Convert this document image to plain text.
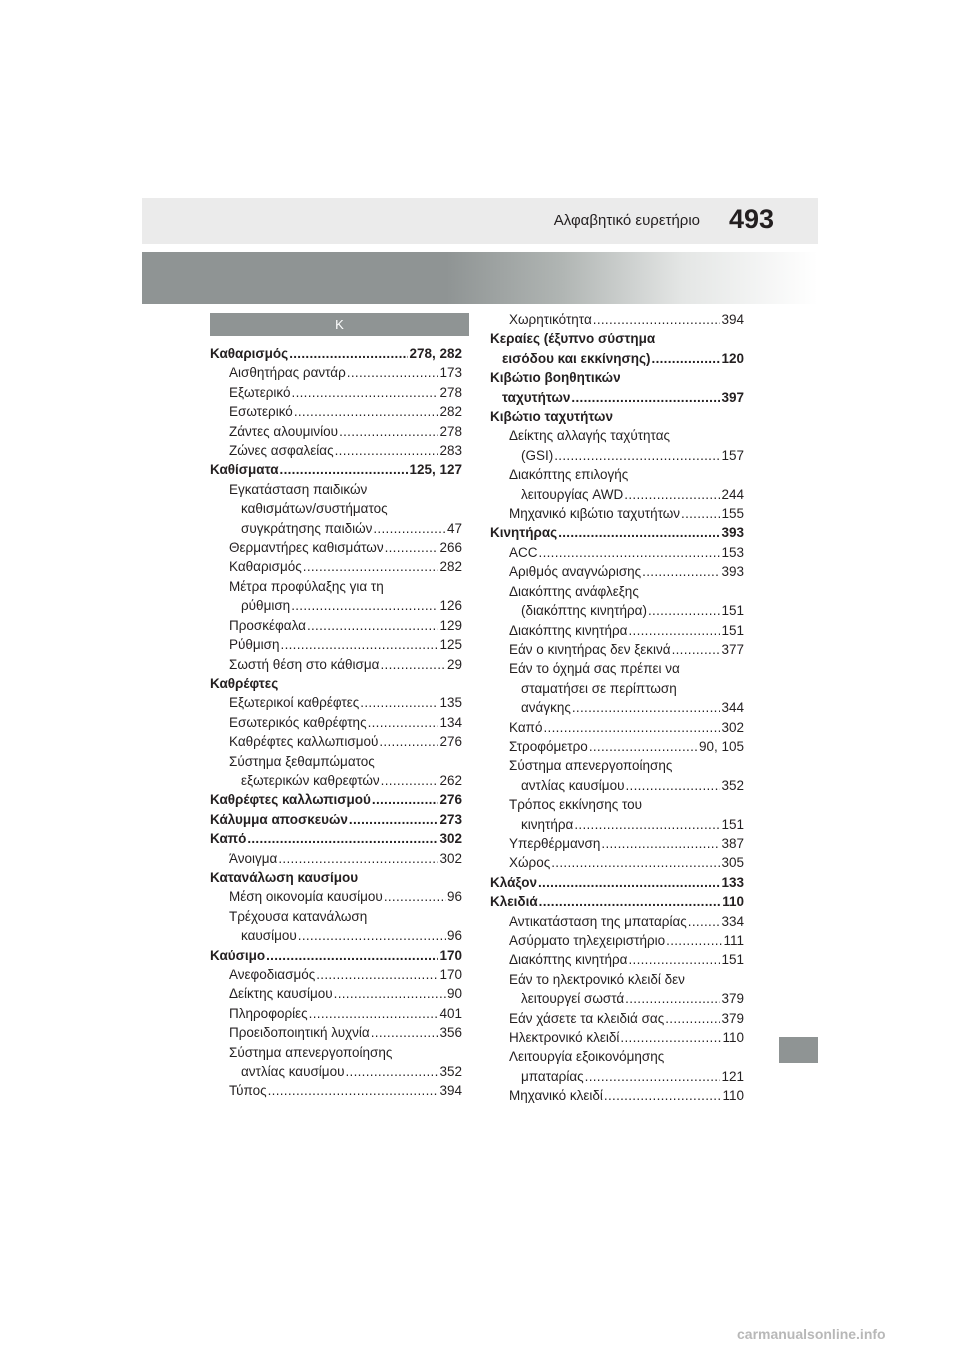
Αλφαβητικό ευρετήριο 493
K
Καθαρισμός .....	278, 282
Αισθητήρας ραντάρ .....	173
Εξωτερικό .....	278
Εσωτερικό .....	282
Ζάντες αλουμινίου .....	278
Ζώνες ασφαλείας .....	283
Καθίσματα .....	125, 127
Εγκατάσταση παιδικών
καθισμάτων/συστήματος
συγκράτησης παιδιών .....	47
Θερμαντήρες καθισμάτων .....	266
Καθαρισμός .....	282
Μέτρα προφύλαξης για τη
ρύθμιση .....	126
Προσκέφαλα .....	129
Ρύθμιση .....	125
Σωστή θέση στο κάθισμα .....	29
Καθρέφτες
Εξωτερικοί καθρέφτες .....	135
Εσωτερικός καθρέφτης .....	134
Καθρέφτες καλλωπισμού .....	276
Σύστημα ξεθαμπώματος
εξωτερικών καθρεφτών .....	262
Καθρέφτες καλλωπισμού .....	276
Κάλυμμα αποσκευών .....	273
Καπό .....	302
Άνοιγμα .....	302
Κατανάλωση καυσίμου
Μέση οικονομία καυσίμου .....	96
Τρέχουσα κατανάλωση
καυσίμου .....	96
Καύσιμο .....	170
Ανεφοδιασμός .....	170
Δείκτης καυσίμου .....	90
Πληροφορίες .....	401
Προειδοποιητική λυχνία .....	356
Σύστημα απενεργοποίησης
αντλίας καυσίμου .....	352
Τύπος .....	394
Χωρητικότητα .....	394
Κεραίες (έξυπνο σύστημα
εισόδου και εκκίνησης) .....	120
Κιβώτιο βοηθητικών
ταχυτήτων .....	397
Κιβώτιο ταχυτήτων
Δείκτης αλλαγής ταχύτητας
(GSI) .....	157
Διακόπτης επιλογής
λειτουργίας AWD .....	244
Μηχανικό κιβώτιο ταχυτήτων .....	155
Κινητήρας .....	393
ACC .....	153
Αριθμός αναγνώρισης .....	393
Διακόπτης ανάφλεξης
(διακόπτης κινητήρα) .....	151
Διακόπτης κινητήρα .....	151
Εάν ο κινητήρας δεν ξεκινά .....	377
Εάν το όχημά σας πρέπει να
σταματήσει σε περίπτωση
ανάγκης .....	344
Καπό .....	302
Στροφόμετρο .....	90, 105
Σύστημα απενεργοποίησης
αντλίας καυσίμου .....	352
Τρόπος εκκίνησης του
κινητήρα .....	151
Υπερθέρμανση .....	387
Χώρος .....	305
Κλάξον .....	133
Κλειδιά .....	110
Αντικατάσταση της μπαταρίας .....	334
Ασύρματο τηλεχειριστήριο .....	111
Διακόπτης κινητήρα .....	151
Εάν το ηλεκτρονικό κλειδί δεν
λειτουργεί σωστά .....	379
Εάν χάσετε τα κλειδιά σας .....	379
Ηλεκτρονικό κλειδί .....	110
Λειτουργία εξοικονόμησης
μπαταρίας .....	121
Μηχανικό κλειδί .....	110
carmanualsonline.info
